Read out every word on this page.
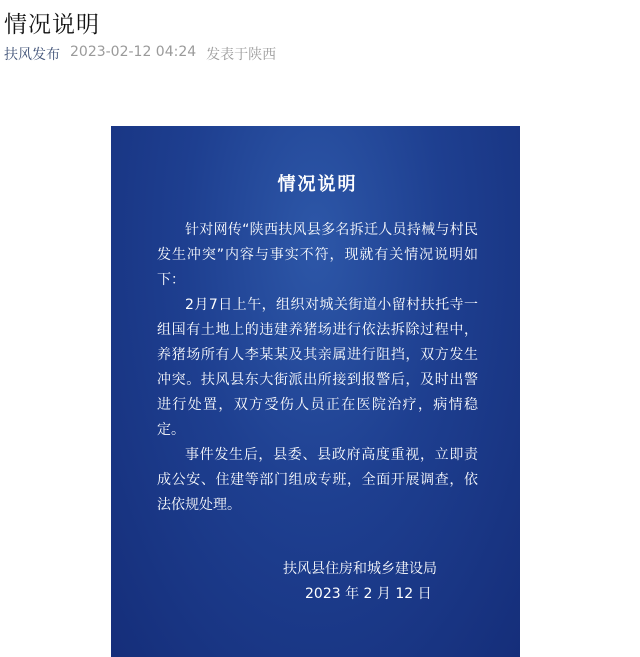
情况说明
扶风发布 2023-02-12 04:24 发表于陕西
情况说明

针对网传“陕西扶风县多名拆迁人员持械与村民发生冲突”内容与事实不符，现就有关情况说明如下：

2月7日上午，组织对城关街道小留村扶托寺一组国有土地上的违建养猪场进行依法拆除过程中，养猪场所有人李某某及其亲属进行阻挡，双方发生冲突。扶风县东大街派出所接到报警后，及时出警进行处置，双方受伤人员正在医院治疗，病情稳定。

事件发生后，县委、县政府高度重视，立即责成公安、住建等部门组成专班，全面开展调查，依法依规处理。

扶风县住房和城乡建设局
2023 年 2 月 12 日
